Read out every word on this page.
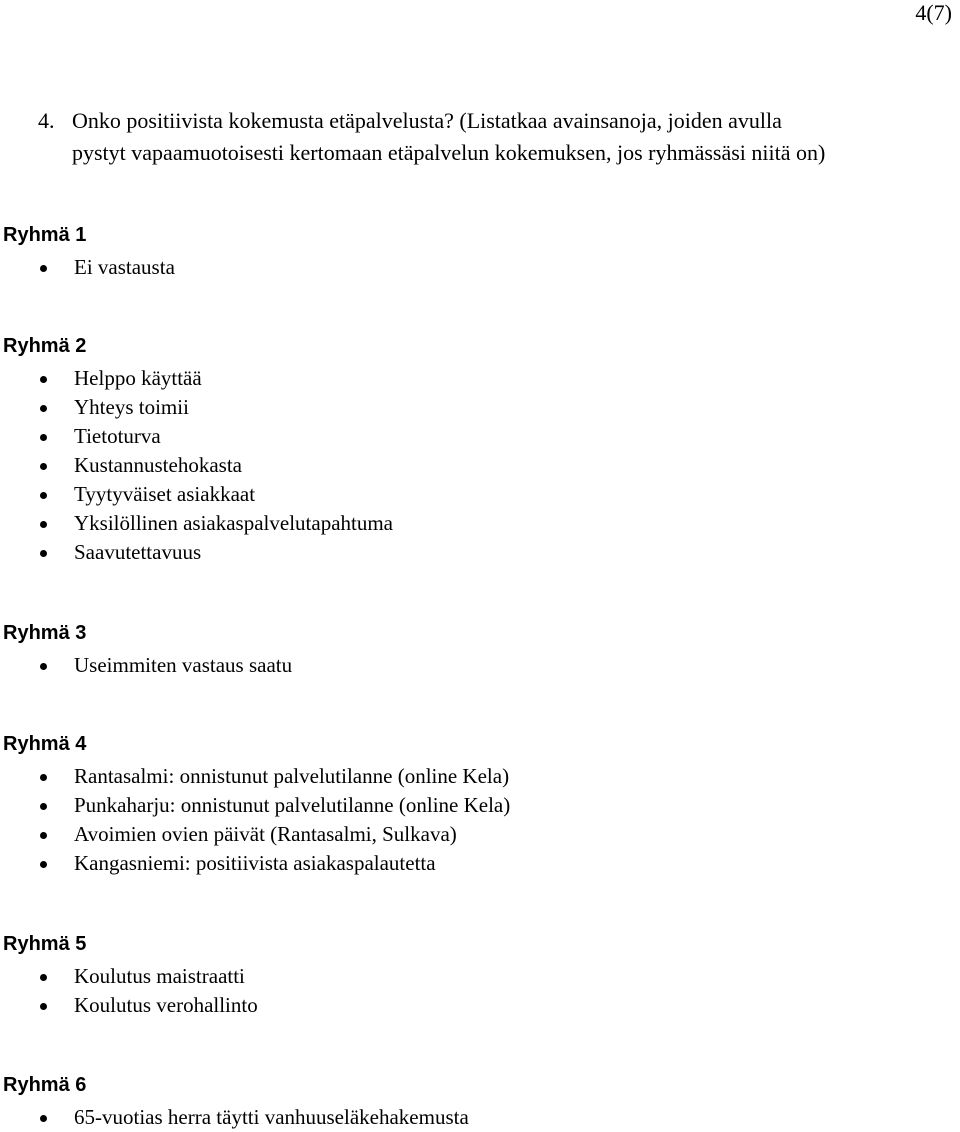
4(7)
4. Onko positiivista kokemusta etäpalvelusta? (Listatkaa avainsanoja, joiden avulla
pystyt vapaamuotoisesti kertomaan etäpalvelun kokemuksen, jos ryhmässäsi niitä on)
Ryhmä 1
Ei vastausta
Ryhmä 2
Helppo käyttää
Yhteys toimii
Tietoturva
Kustannustehokasta
Tyytyväiset asiakkaat
Yksilöllinen asiakaspalvelutapahtuma
Saavutettavuus
Ryhmä 3
Useimmiten vastaus saatu
Ryhmä 4
Rantasalmi: onnistunut palvelutilanne (online Kela)
Punkaharju: onnistunut palvelutilanne (online Kela)
Avoimien ovien päivät (Rantasalmi, Sulkava)
Kangasniemi: positiivista asiakaspalautetta
Ryhmä 5
Koulutus maistraatti
Koulutus verohallinto
Ryhmä 6
65-vuotias herra täytti vanhuuseläkehakemusta
